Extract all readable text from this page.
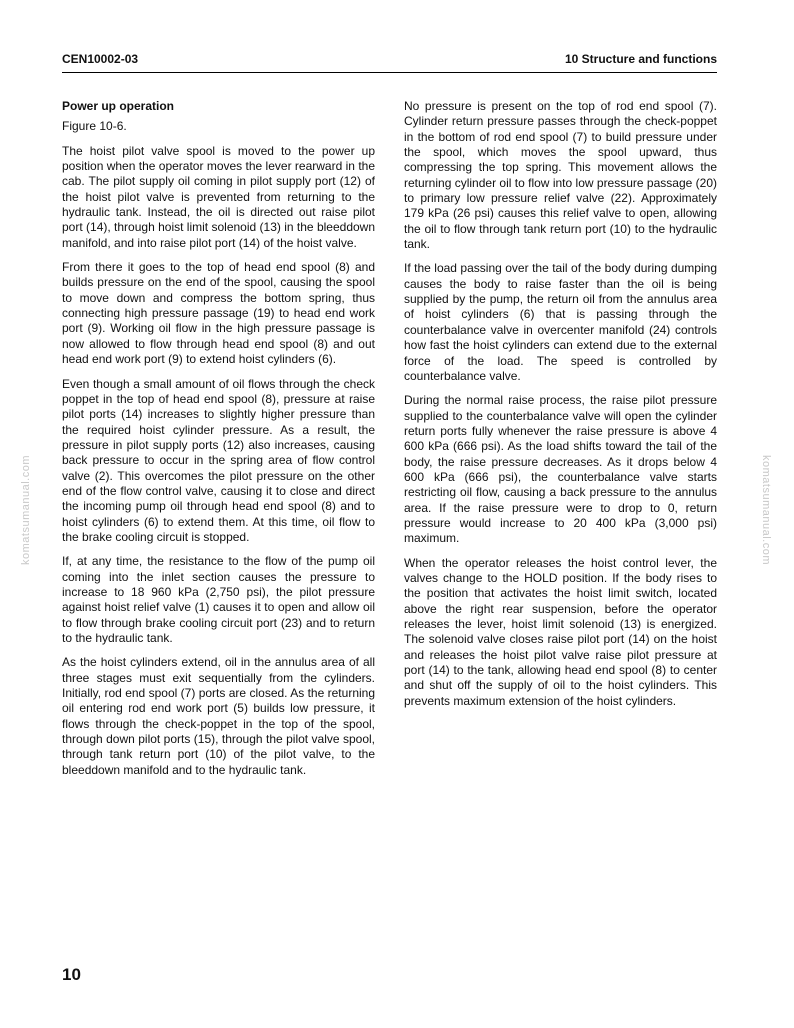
CEN10002-03	10 Structure and functions
komatsumanual.com	komatsumanual.com
Power up operation

Figure 10-6.

The hoist pilot valve spool is moved to the power up position when the operator moves the lever rearward in the cab. The pilot supply oil coming in pilot supply port (12) of the hoist pilot valve is prevented from returning to the hydraulic tank. Instead, the oil is directed out raise pilot port (14), through hoist limit solenoid (13) in the bleeddown manifold, and into raise pilot port (14) of the hoist valve.

From there it goes to the top of head end spool (8) and builds pressure on the end of the spool, causing the spool to move down and compress the bottom spring, thus connecting high pressure passage (19) to head end work port (9). Working oil flow in the high pressure passage is now allowed to flow through head end spool (8) and out head end work port (9) to extend hoist cylinders (6).

Even though a small amount of oil flows through the check poppet in the top of head end spool (8), pressure at raise pilot ports (14) increases to slightly higher pressure than the required hoist cylinder pressure. As a result, the pressure in pilot supply ports (12) also increases, causing back pressure to occur in the spring area of flow control valve (2). This overcomes the pilot pressure on the other end of the flow control valve, causing it to close and direct the incoming pump oil through head end spool (8) and to hoist cylinders (6) to extend them. At this time, oil flow to the brake cooling circuit is stopped.

If, at any time, the resistance to the flow of the pump oil coming into the inlet section causes the pressure to increase to 18 960 kPa (2,750 psi), the pilot pressure against hoist relief valve (1) causes it to open and allow oil to flow through brake cooling circuit port (23) and to return to the hydraulic tank.

As the hoist cylinders extend, oil in the annulus area of all three stages must exit sequentially from the cylinders. Initially, rod end spool (7) ports are closed. As the returning oil entering rod end work port (5) builds low pressure, it flows through the check-poppet in the top of the spool, through down pilot ports (15), through the pilot valve spool, through tank return port (10) of the pilot valve, to the bleeddown manifold and to the hydraulic tank.

No pressure is present on the top of rod end spool (7). Cylinder return pressure passes through the check-poppet in the bottom of rod end spool (7) to build pressure under the spool, which moves the spool upward, thus compressing the top spring. This movement allows the returning cylinder oil to flow into low pressure passage (20) to primary low pressure relief valve (22). Approximately 179 kPa (26 psi) causes this relief valve to open, allowing the oil to flow through tank return port (10) to the hydraulic tank.

If the load passing over the tail of the body during dumping causes the body to raise faster than the oil is being supplied by the pump, the return oil from the annulus area of hoist cylinders (6) that is passing through the counterbalance valve in overcenter manifold (24) controls how fast the hoist cylinders can extend due to the external force of the load. The speed is controlled by counterbalance valve.

During the normal raise process, the raise pilot pressure supplied to the counterbalance valve will open the cylinder return ports fully whenever the raise pressure is above 4 600 kPa (666 psi). As the load shifts toward the tail of the body, the raise pressure decreases. As it drops below 4 600 kPa (666 psi), the counterbalance valve starts restricting oil flow, causing a back pressure to the annulus area. If the raise pressure were to drop to 0, return pressure would increase to 20 400 kPa (3,000 psi) maximum.

When the operator releases the hoist control lever, the valves change to the HOLD position. If the body rises to the position that activates the hoist limit switch, located above the right rear suspension, before the operator releases the lever, hoist limit solenoid (13) is energized. The solenoid valve closes raise pilot port (14) on the hoist and releases the hoist pilot valve raise pilot pressure at port (14) to the tank, allowing head end spool (8) to center and shut off the supply of oil to the hoist cylinders. This prevents maximum extension of the hoist cylinders.

10
